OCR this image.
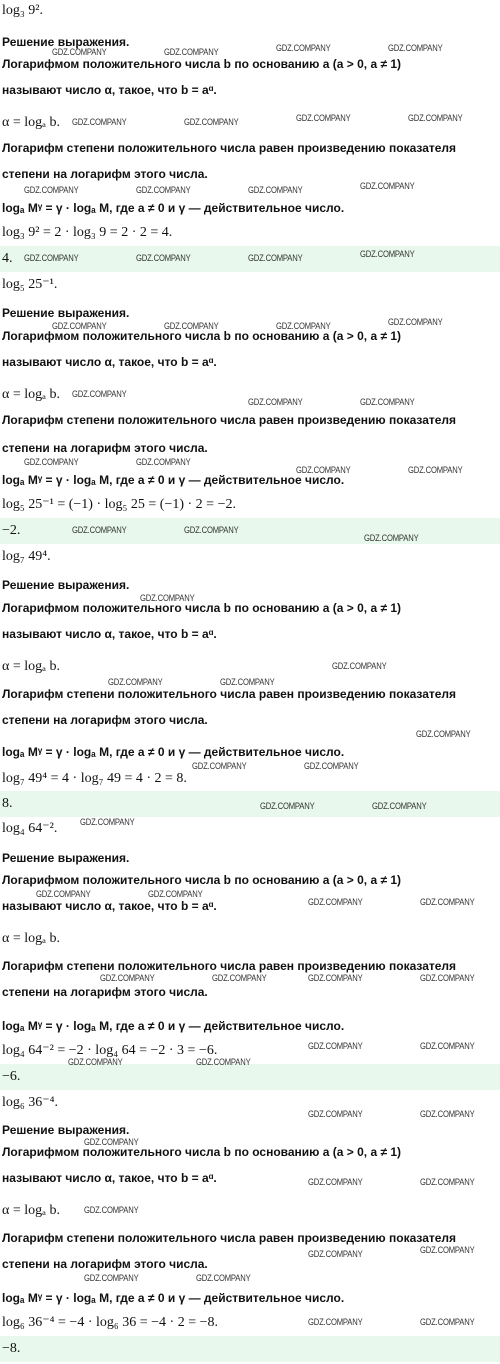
log₃ 9².
Решение выражения.
Логарифмом положительного числа b по основанию a (a > 0, a ≠ 1)
называют число α, такое, что b = aᵅ.
α = logₐ b.
Логарифм степени положительного числа равен произведению показателя
степени на логарифм этого числа.
logₐ Mᵞ = γ · logₐ M, где a ≠ 0 и γ — действительное число.
log₃ 9² = 2 · log₃ 9 = 2 · 2 = 4.
4.
log₅ 25⁻¹.
Решение выражения.
Логарифмом положительного числа b по основанию a (a > 0, a ≠ 1)
называют число α, такое, что b = aᵅ.
α = logₐ b.
Логарифм степени положительного числа равен произведению показателя
степени на логарифм этого числа.
logₐ Mᵞ = γ · logₐ M, где a ≠ 0 и γ — действительное число.
log₅ 25⁻¹ = (−1) · log₅ 25 = (−1) · 2 = −2.
−2.
log₇ 49⁴.
Решение выражения.
Логарифмом положительного числа b по основанию a (a > 0, a ≠ 1)
называют число α, такое, что b = aᵅ.
α = logₐ b.
Логарифм степени положительного числа равен произведению показателя
степени на логарифм этого числа.
logₐ Mᵞ = γ · logₐ M, где a ≠ 0 и γ — действительное число.
log₇ 49⁴ = 4 · log₇ 49 = 4 · 2 = 8.
8.
log₄ 64⁻².
Решение выражения.
Логарифмом положительного числа b по основанию a (a > 0, a ≠ 1)
называют число α, такое, что b = aᵅ.
α = logₐ b.
Логарифм степени положительного числа равен произведению показателя
степени на логарифм этого числа.
logₐ Mᵞ = γ · logₐ M, где a ≠ 0 и γ — действительное число.
log₄ 64⁻² = −2 · log₄ 64 = −2 · 3 = −6.
−6.
log₆ 36⁻⁴.
Решение выражения.
Логарифмом положительного числа b по основанию a (a > 0, a ≠ 1)
называют число α, такое, что b = aᵅ.
α = logₐ b.
Логарифм степени положительного числа равен произведению показателя
степени на логарифм этого числа.
logₐ Mᵞ = γ · logₐ M, где a ≠ 0 и γ — действительное число.
log₆ 36⁻⁴ = −4 · log₆ 36 = −4 · 2 = −8.
−8.
GDZ.COMPANY	GDZ.COMPANY	GDZ.COMPANY	GDZ.COMPANY
GDZ.COMPANY	GDZ.COMPANY	GDZ.COMPANY	GDZ.COMPANY
GDZ.COMPANY	GDZ.COMPANY	GDZ.COMPANY	GDZ.COMPANY
GDZ.COMPANY	GDZ.COMPANY	GDZ.COMPANY	GDZ.COMPANY
GDZ.COMPANY	GDZ.COMPANY	GDZ.COMPANY	GDZ.COMPANY
GDZ.COMPANY
GDZ.COMPANY	GDZ.COMPANY
GDZ.COMPANY	GDZ.COMPANY
GDZ.COMPANY	GDZ.COMPANY
GDZ.COMPANY	GDZ.COMPANY
GDZ.COMPANY
GDZ.COMPANY
GDZ.COMPANY
GDZ.COMPANY	GDZ.COMPANY
GDZ.COMPANY
GDZ.COMPANY	GDZ.COMPANY
GDZ.COMPANY
GDZ.COMPANY	GDZ.COMPANY
GDZ.COMPANY	GDZ.COMPANY
GDZ.COMPANY	GDZ.COMPANY
GDZ.COMPANY	GDZ.COMPANY	GDZ.COMPANY	GDZ.COMPANY
GDZ.COMPANY	GDZ.COMPANY
GDZ.COMPANY	GDZ.COMPANY
GDZ.COMPANY	GDZ.COMPANY
GDZ.COMPANY
GDZ.COMPANY	GDZ.COMPANY
GDZ.COMPANY
GDZ.COMPANY	GDZ.COMPANY
GDZ.COMPANY	GDZ.COMPANY
GDZ.COMPANY	GDZ.COMPANY
